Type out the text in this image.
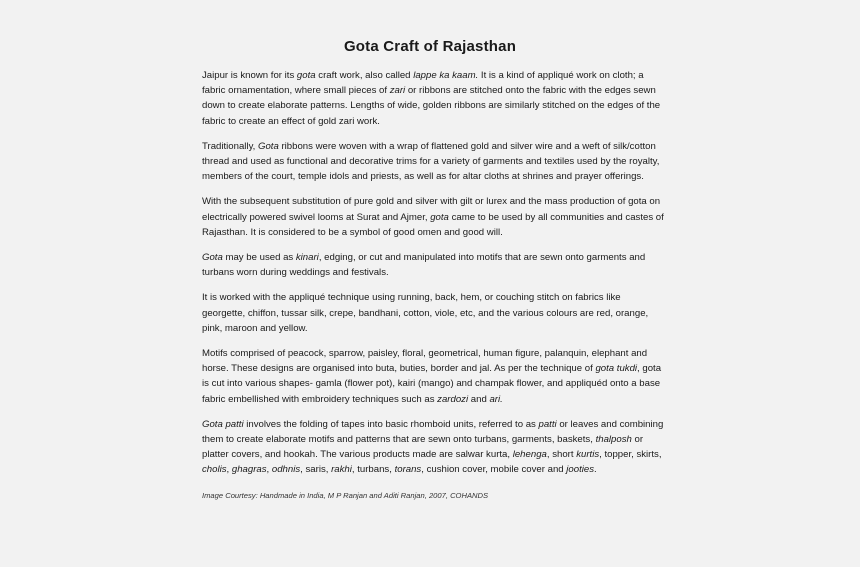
Gota Craft of Rajasthan

Jaipur is known for its gota craft work, also called lappe ka kaam. It is a kind of appliqué work on cloth; a fabric ornamentation, where small pieces of zari or ribbons are stitched onto the fabric with the edges sewn down to create elaborate patterns. Lengths of wide, golden ribbons are similarly stitched on the edges of the fabric to create an effect of gold zari work.

Traditionally, Gota ribbons were woven with a wrap of flattened gold and silver wire and a weft of silk/cotton thread and used as functional and decorative trims for a variety of garments and textiles used by the royalty, members of the court, temple idols and priests, as well as for altar cloths at shrines and prayer offerings.

With the subsequent substitution of pure gold and silver with gilt or lurex and the mass production of gota on electrically powered swivel looms at Surat and Ajmer, gota came to be used by all communities and castes of Rajasthan. It is considered to be a symbol of good omen and good will.

Gota may be used as kinari, edging, or cut and manipulated into motifs that are sewn onto garments and turbans worn during weddings and festivals.

It is worked with the appliqué technique using running, back, hem, or couching stitch on fabrics like georgette, chiffon, tussar silk, crepe, bandhani, cotton, viole, etc, and the various colours are red, orange, pink, maroon and yellow.

Motifs comprised of peacock, sparrow, paisley, floral, geometrical, human figure, palanquin, elephant and horse. These designs are organised into buta, buties, border and jal. As per the technique of gota tukdi, gota is cut into various shapes- gamla (flower pot), kairi (mango) and champak flower, and appliquéd onto a base fabric embellished with embroidery techniques such as zardozi and ari.

Gota patti involves the folding of tapes into basic rhomboid units, referred to as patti or leaves and combining them to create elaborate motifs and patterns that are sewn onto turbans, garments, baskets, thalposh or platter covers, and hookah. The various products made are salwar kurta, lehenga, short kurtis, topper, skirts, cholis, ghagras, odhnis, saris, rakhi, turbans, torans, cushion cover, mobile cover and jooties.

Image Courtesy: Handmade in India, M P Ranjan and Aditi Ranjan, 2007, COHANDS
